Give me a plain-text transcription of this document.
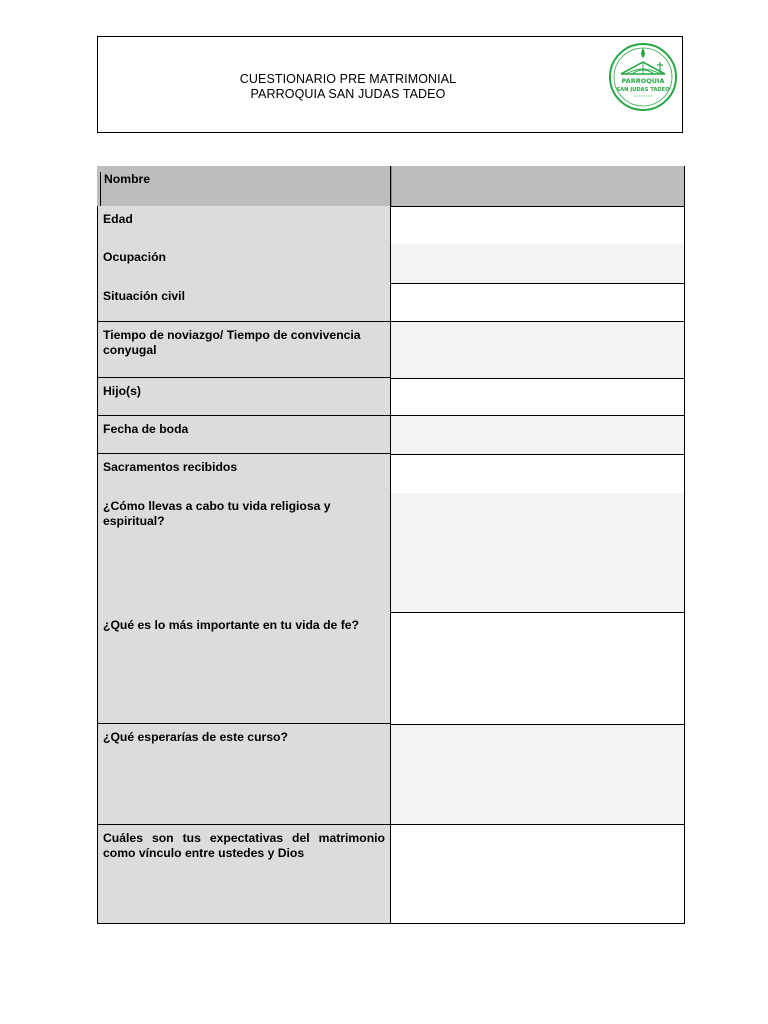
CUESTIONARIO PRE MATRIMONIAL
PARROQUIA SAN JUDAS TADEO
PARROQUIA
SAN JUDAS TADEO
Nombre
Edad
Ocupación
Situación civil
Tiempo de noviazgo/ Tiempo de convivencia conyugal
Hijo(s)
Fecha de boda
Sacramentos recibidos
¿Cómo llevas a cabo tu vida religiosa y espiritual?
¿Qué es lo más importante en tu vida de fe?
¿Qué esperarías de este curso?
Cuáles son tus expectativas del matrimonio como vínculo entre ustedes y Dios
